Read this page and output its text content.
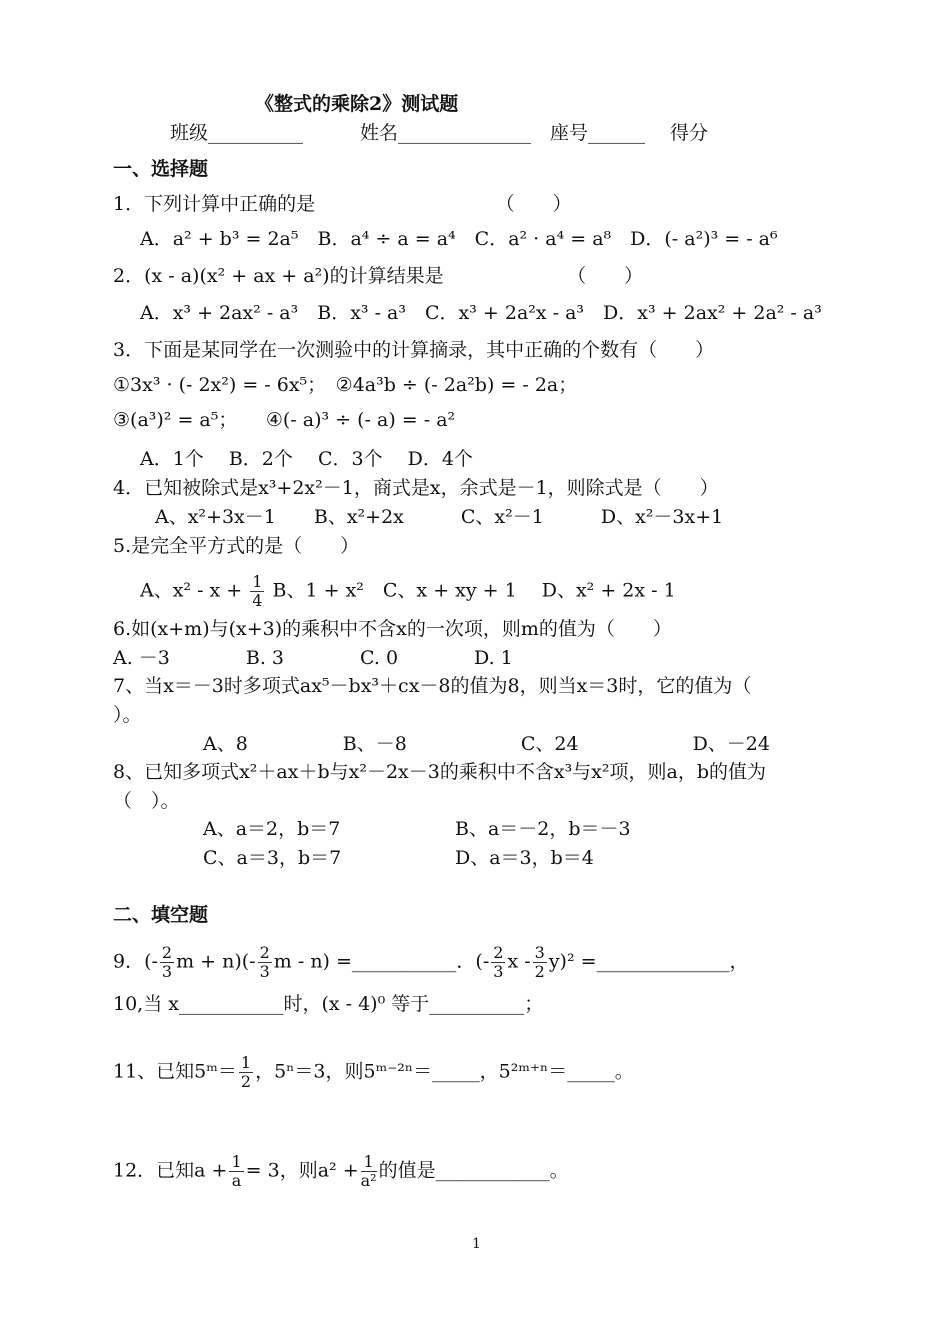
《整式的乘除2》测试题
班级__________　　　姓名______________　座号______　 得分
一、选择题
1．下列计算中正确的是　　　　　　　　　　（　　）
A．a² + b³ = 2a⁵　B．a⁴ ÷ a = a⁴　C．a² · a⁴ = a⁸　D．(- a²)³ = - a⁶
2．(x - a)(x² + ax + a²)的计算结果是　　　　　　　（　　）
A．x³ + 2ax² - a³　B．x³ - a³　C．x³ + 2a²x - a³　D．x³ + 2ax² + 2a² - a³
3．下面是某同学在一次测验中的计算摘录，其中正确的个数有（　　）
①3x³ · (- 2x²) = - 6x⁵；　②4a³b ÷ (- 2a²b) = - 2a；
③(a³)² = a⁵；　　④(- a)³ ÷ (- a) = - a²
A．1个　 B．2个　 C．3个　 D．4个
4．已知被除式是x³+2x²－1，商式是x，余式是－1，则除式是（　　）
A、x²+3x－1　　B、x²+2x　　　C、x²－1　　　D、x²－3x+1
5.是完全平方式的是（　　）
A、$x^2 - x + \frac{1}{4}$ B、1 + x²　C、x + xy + 1　 D、x² + 2x - 1
6.如(x+m)与(x+3)的乘积中不含x的一次项，则m的值为（　　）
A. －3　　　　B. 3　　　　C. 0　　　　D. 1
7、当x＝－3时多项式ax⁵－bx³＋cx－8的值为8，则当x＝3时，它的值为（
）。
A、8　　　　　B、－8　　　　　　C、24　　　　　　D、－24
8、已知多项式x²＋ax＋b与x²－2x－3的乘积中不含x³与x²项，则a，b的值为
（　）。
A、a＝2，b＝7	B、a＝－2，b＝－3
C、a＝3，b＝7	D、a＝3，b＝4
二、填空题
9．(- $\frac{2}{3}$ $m + n)(- \frac{2}{3}$ m - n) =___________．(- $\frac{2}{3}$ x - $\frac{3}{2} y)^2$ =______________，
10,当 x___________时，(x - 4)⁰ 等于__________；
11、已知5ᵐ＝ $\frac{1}{2}$ ，5ⁿ＝3，则5ᵐ⁻²ⁿ＝_____，5²ᵐ⁺ⁿ＝_____。
12．已知$a + \frac{1}{a} = 3$，则$a^2 + \frac{1}{\text{a²}}$ 的值是____________。
1
